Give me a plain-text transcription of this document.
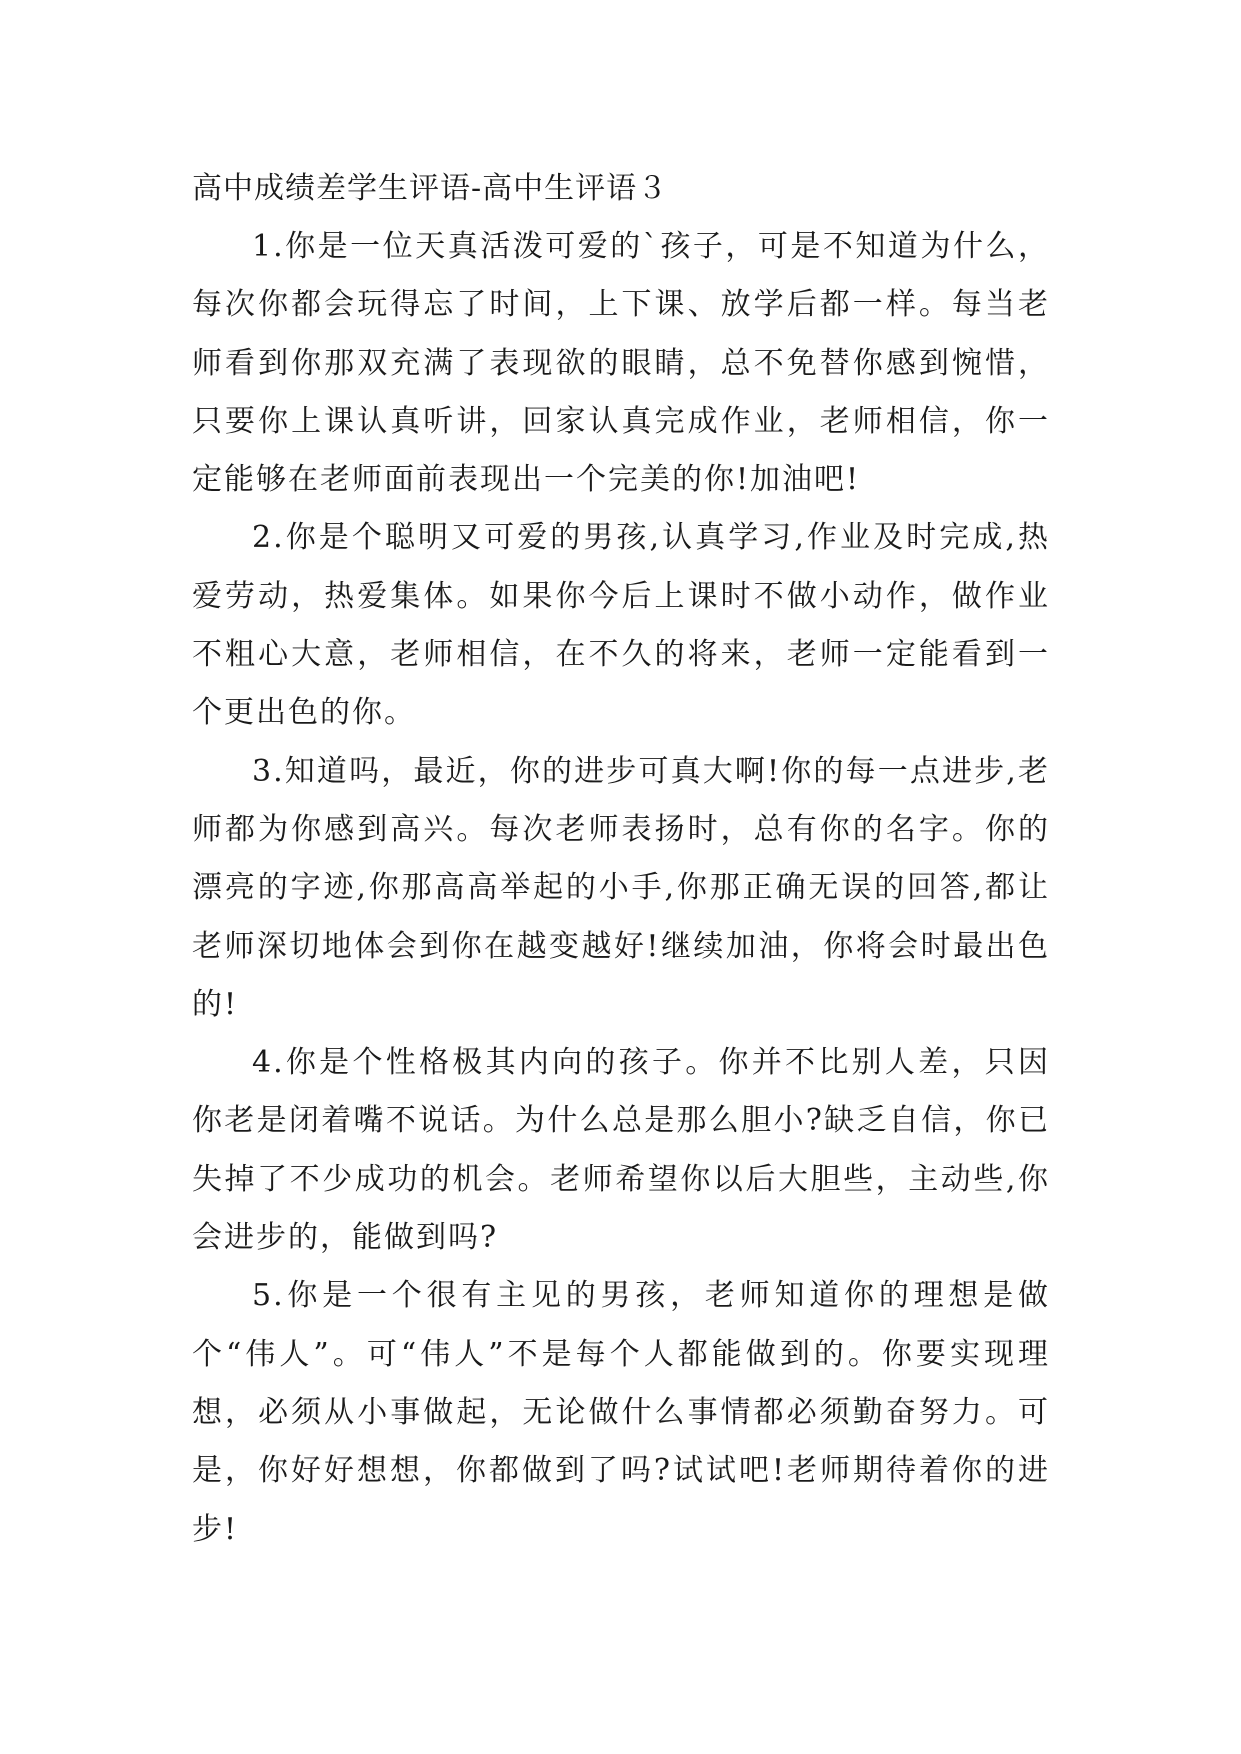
高中成绩差学生评语-高中生评语３

1.你是一位天真活泼可爱的`孩子，可是不知道为什么，每次你都会玩得忘了时间，上下课、放学后都一样。每当老师看到你那双充满了表现欲的眼睛，总不免替你感到惋惜，只要你上课认真听讲，回家认真完成作业，老师相信，你一定能够在老师面前表现出一个完美的你!加油吧!

2.你是个聪明又可爱的男孩,认真学习,作业及时完成,热爱劳动，热爱集体。如果你今后上课时不做小动作，做作业不粗心大意，老师相信，在不久的将来，老师一定能看到一个更出色的你。

3.知道吗，最近，你的进步可真大啊!你的每一点进步,老师都为你感到高兴。每次老师表扬时，总有你的名字。你的漂亮的字迹,你那高高举起的小手,你那正确无误的回答,都让老师深切地体会到你在越变越好!继续加油，你将会时最出色的!

4.你是个性格极其内向的孩子。你并不比别人差，只因你老是闭着嘴不说话。为什么总是那么胆小?缺乏自信，你已失掉了不少成功的机会。老师希望你以后大胆些，主动些,你会进步的，能做到吗?

5.你是一个很有主见的男孩，老师知道你的理想是做个“伟人”。可“伟人”不是每个人都能做到的。你要实现理想，必须从小事做起，无论做什么事情都必须勤奋努力。可是，你好好想想，你都做到了吗?试试吧!老师期待着你的进步!
